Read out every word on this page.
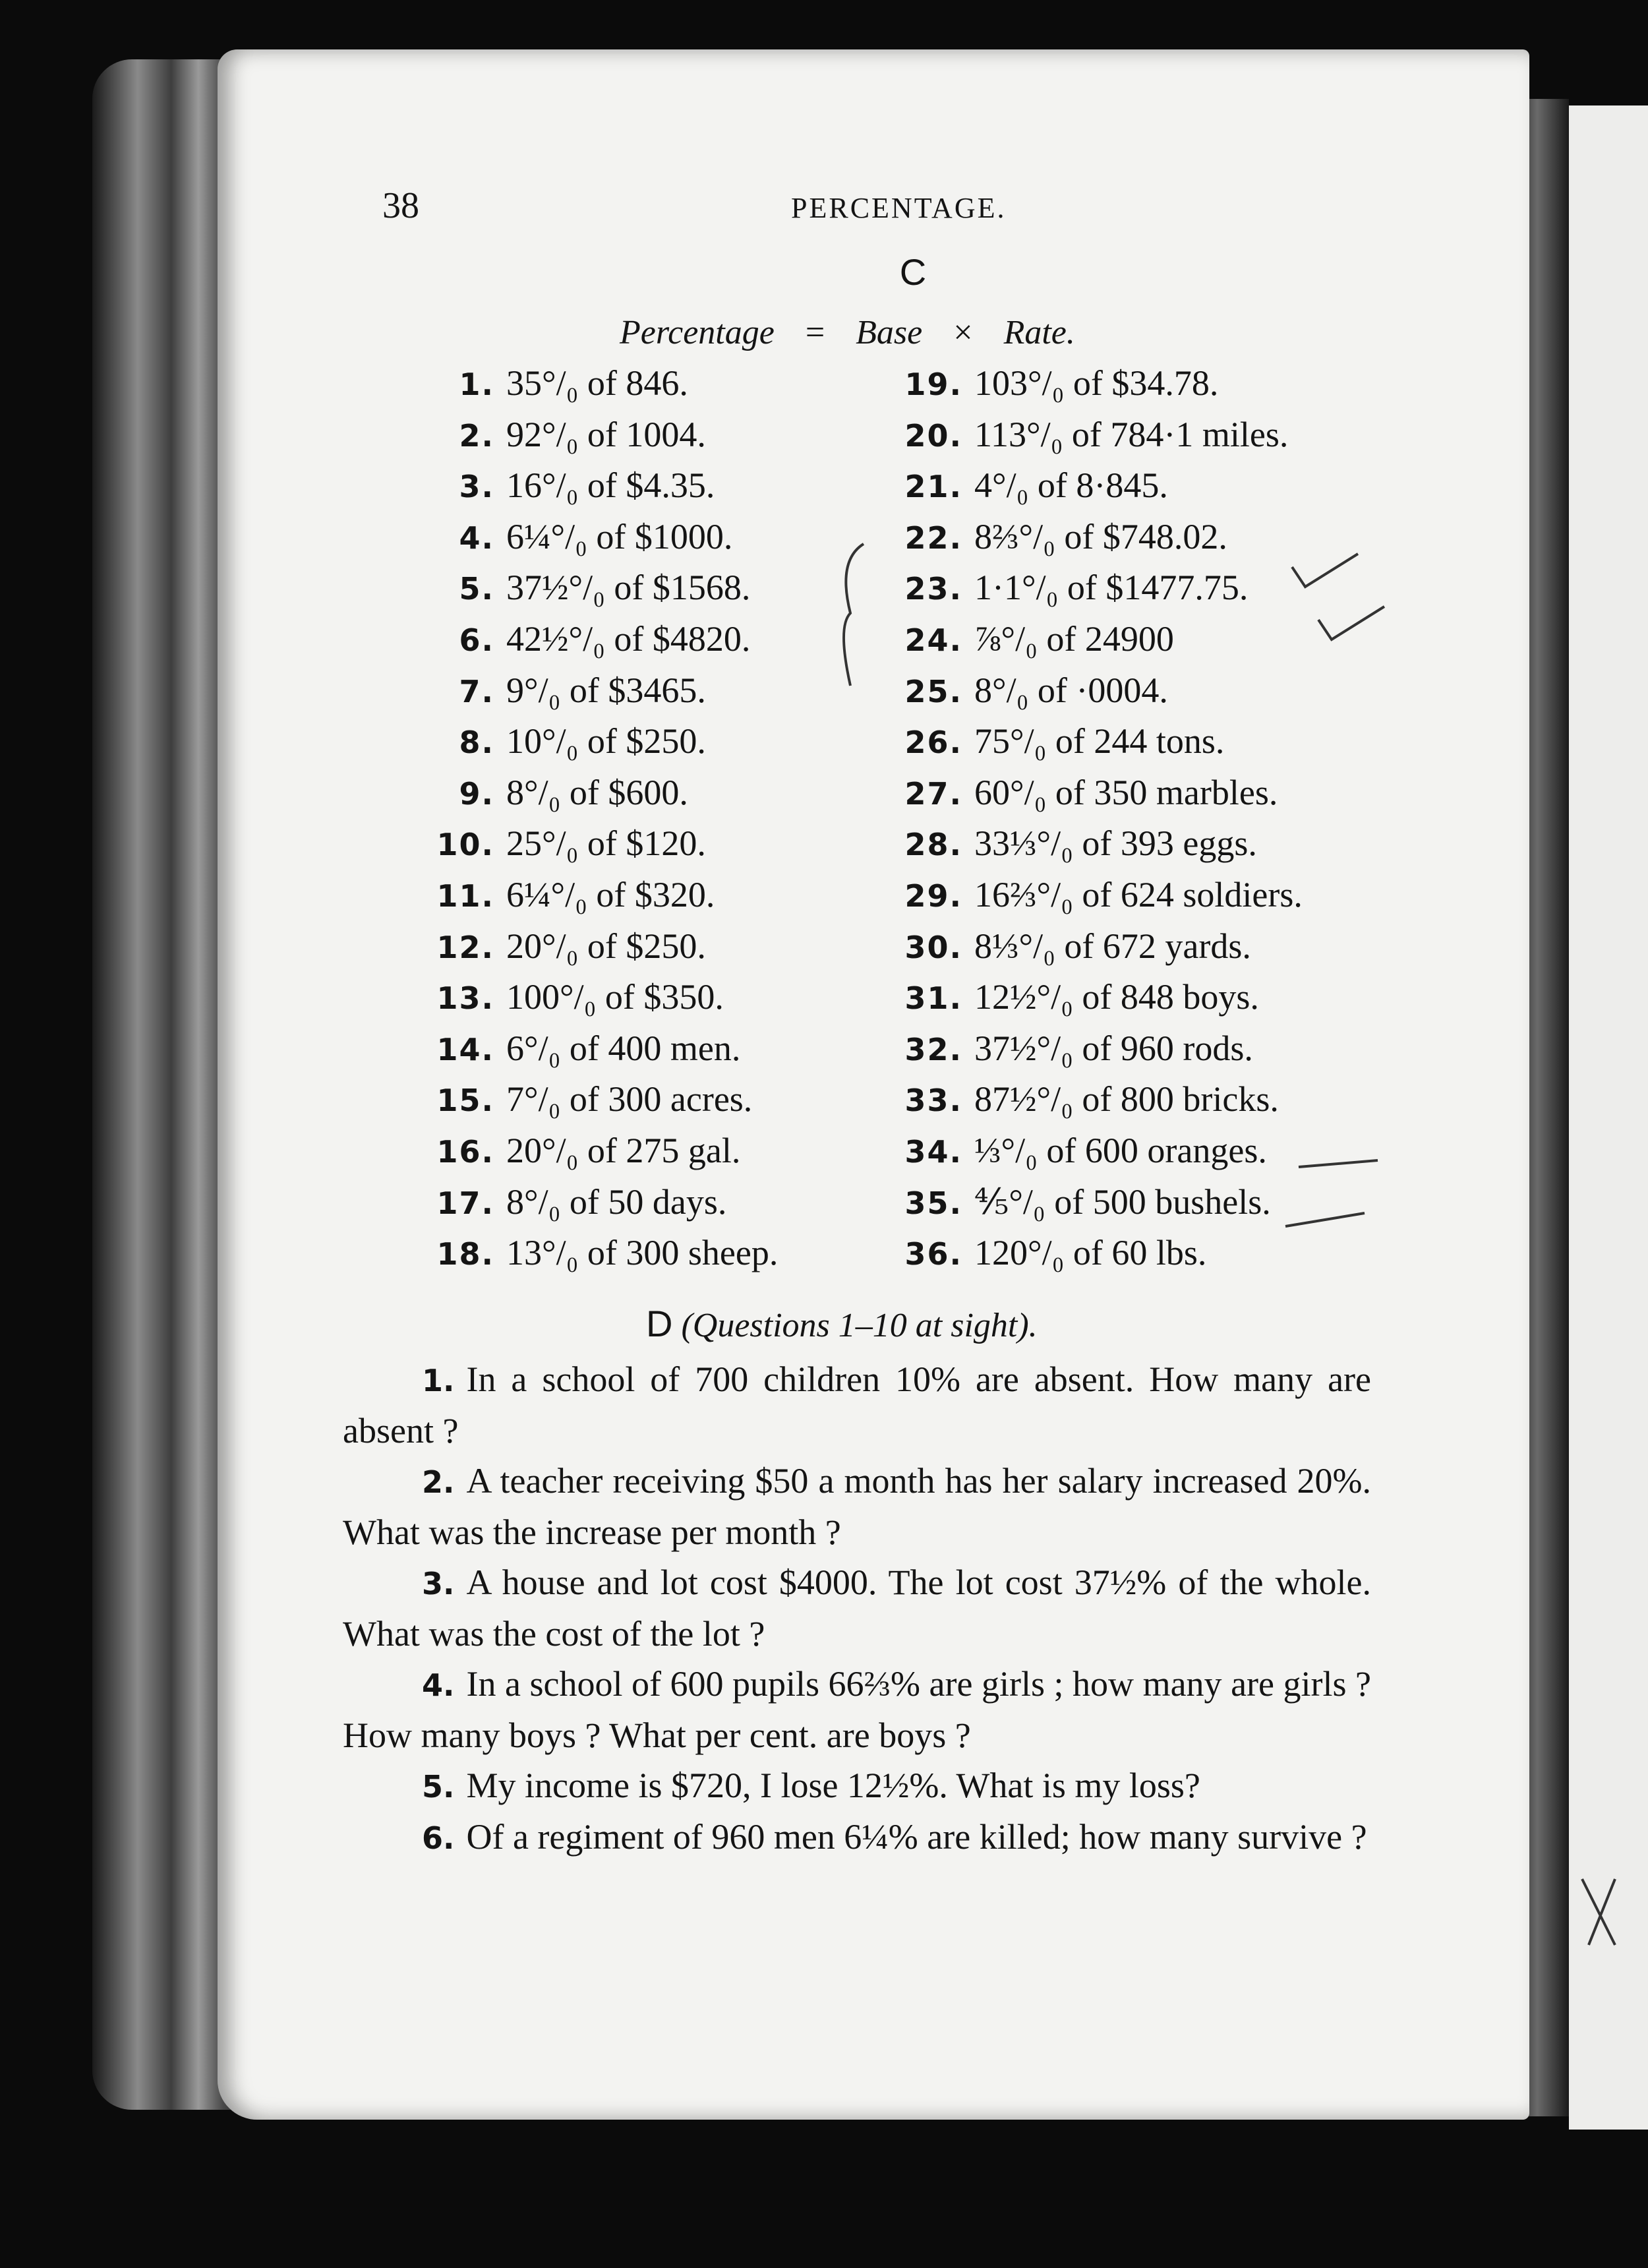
38	PERCENTAGE.
C
Percentage = Base × Rate.
1. 35°/₀ of 846.
2. 92°/₀ of 1004.
3. 16°/₀ of $4.35.
4. 6¼°/₀ of $1000.
5. 37½°/₀ of $1568.
6. 42½°/₀ of $4820.
7. 9°/₀ of $3465.
8. 10°/₀ of $250.
9. 8°/₀ of $600.
10. 25°/₀ of $120.
11. 6¼°/₀ of $320.
12. 20°/₀ of $250.
13. 100°/₀ of $350.
14. 6°/₀ of 400 men.
15. 7°/₀ of 300 acres.
16. 20°/₀ of 275 gal.
17. 8°/₀ of 50 days.
18. 13°/₀ of 300 sheep.
19. 103°/₀ of $34.78.
20. 113°/₀ of 784·1 miles.
21. 4°/₀ of 8·845.
22. 8⅔°/₀ of $748.02.
23. 1·1°/₀ of $1477.75.
24. ⅞°/₀ of 24900
25. 8°/₀ of ·0004.
26. 75°/₀ of 244 tons.
27. 60°/₀ of 350 marbles.
28. 33⅓°/₀ of 393 eggs.
29. 16⅔°/₀ of 624 soldiers.
30. 8⅓°/₀ of 672 yards.
31. 12½°/₀ of 848 boys.
32. 37½°/₀ of 960 rods.
33. 87½°/₀ of 800 bricks.
34. ⅓°/₀ of 600 oranges.
35. ⅘°/₀ of 500 bushels.
36. 120°/₀ of 60 lbs.
D (Questions 1–10 at sight).

1. In a school of 700 children 10% are absent. How many are absent ?

2. A teacher receiving $50 a month has her salary increased 20%. What was the increase per month ?

3. A house and lot cost $4000. The lot cost 37½% of the whole. What was the cost of the lot ?

4. In a school of 600 pupils 66⅔% are girls ; how many are girls ? How many boys ? What per cent. are boys ?

5. My income is $720, I lose 12½%. What is my loss?

6. Of a regiment of 960 men 6¼% are killed; how many survive ?
